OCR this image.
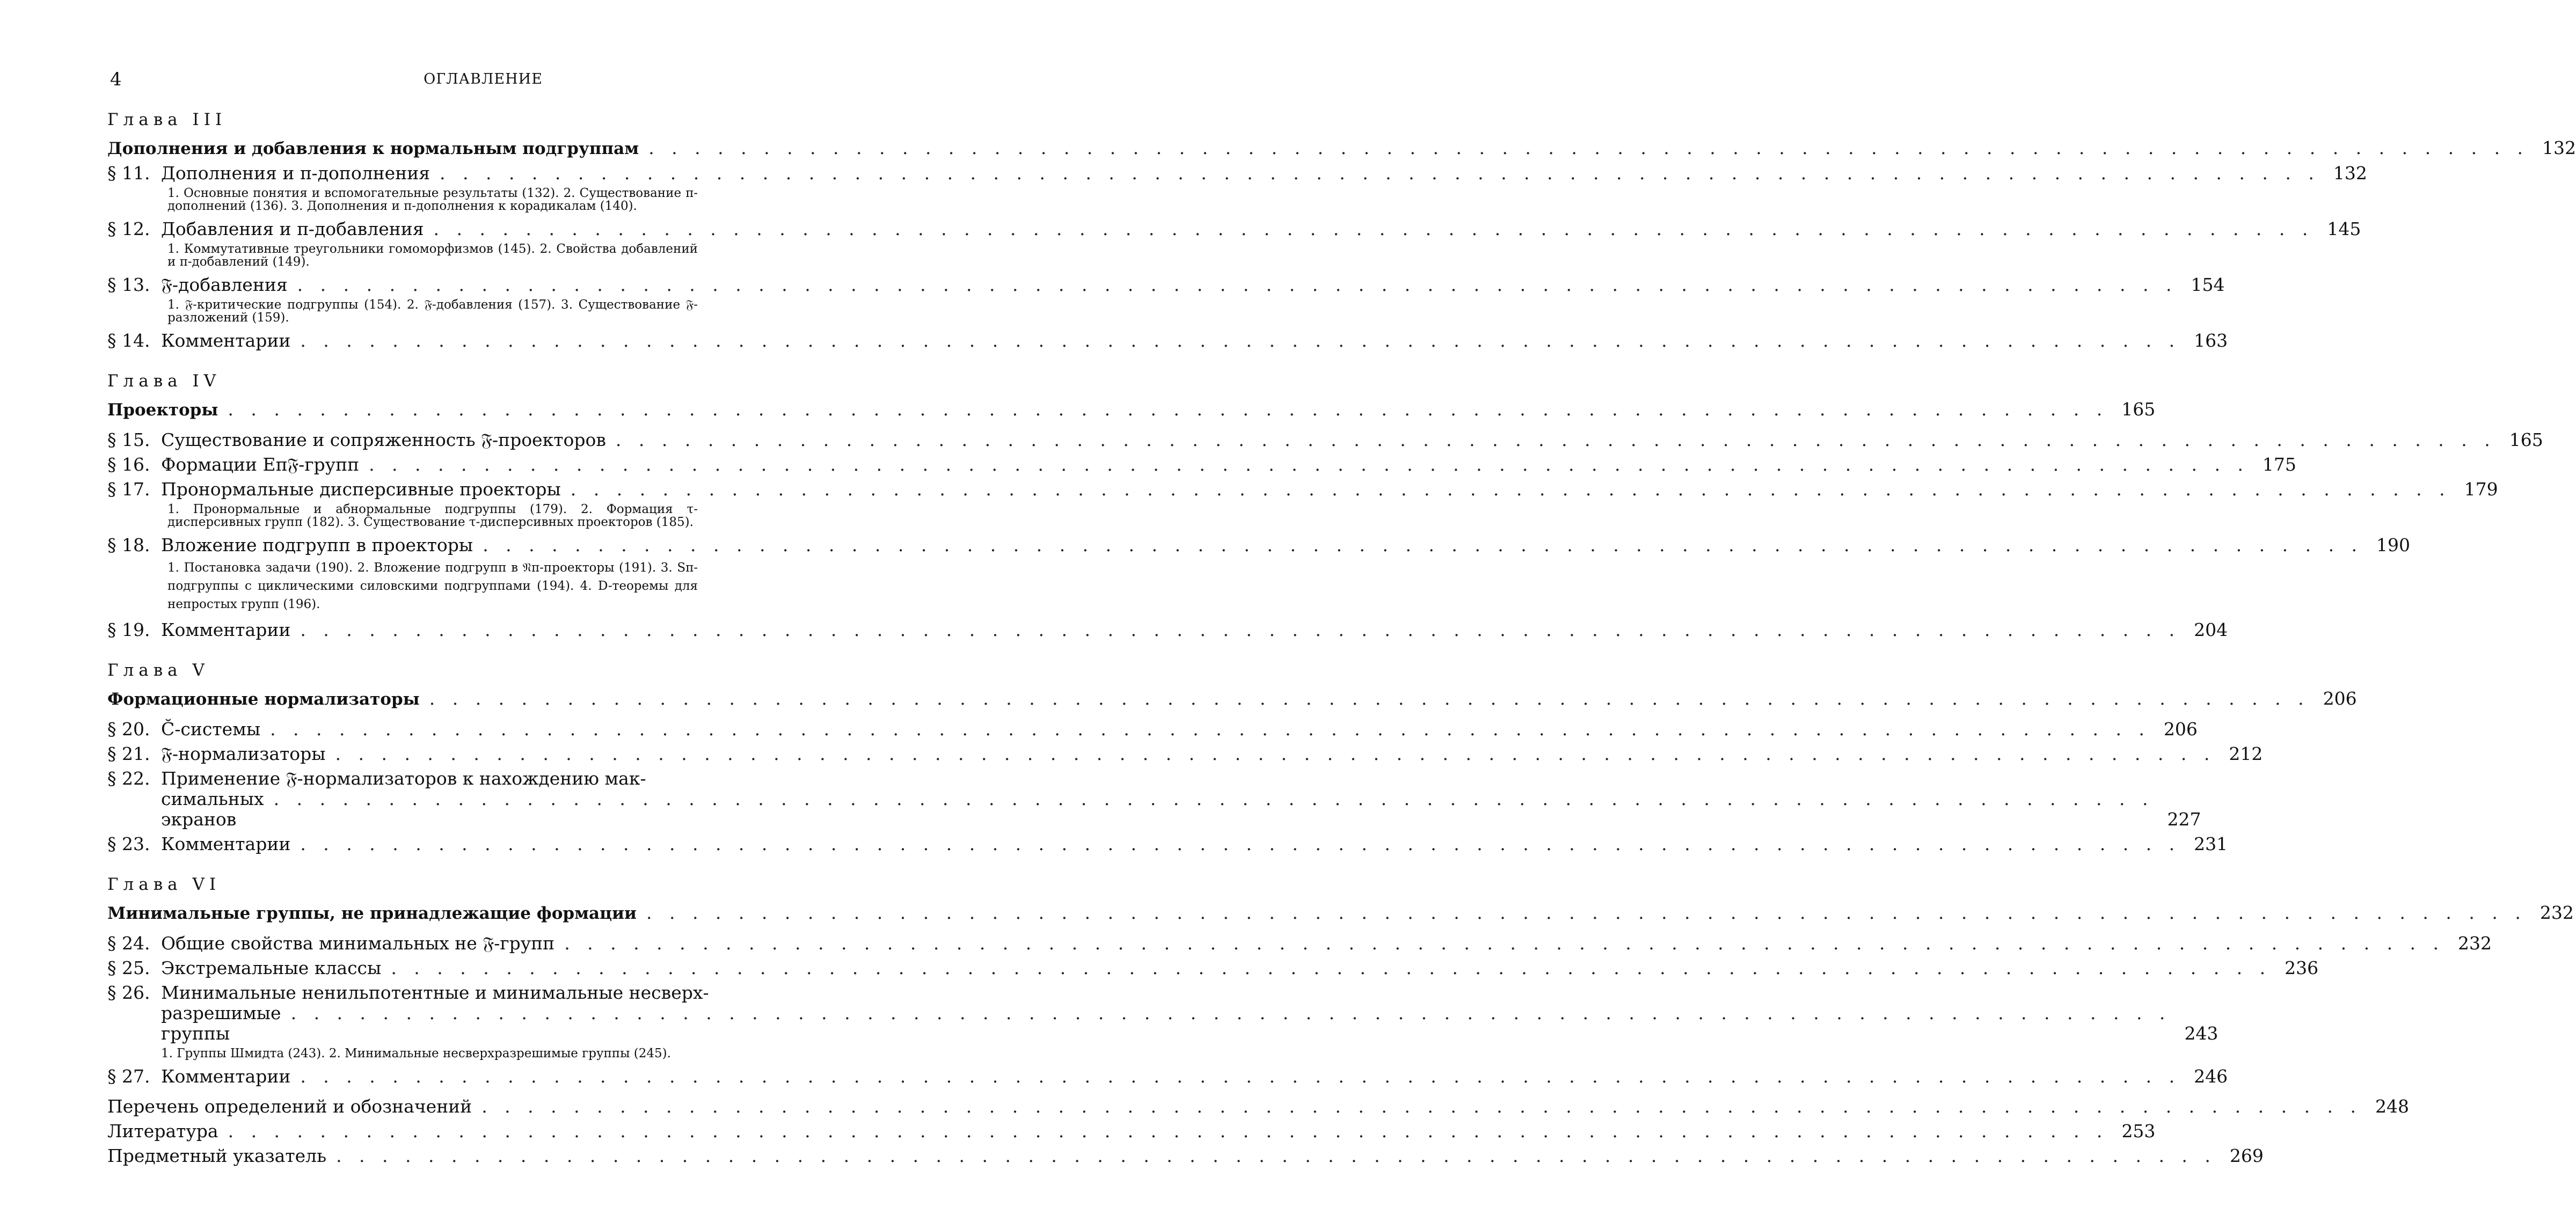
4	ОГЛАВЛЕНИЕ
Глава III
Дополнения и добавления к нормальным подгруппам . . .	132
§ 11. Дополнения и π-дополнения . . .	132
1. Основные понятия и вспомогательные результаты (132). 2. Существование π-дополнений (136). 3. Дополнения и π-дополнения к корадикалам (140).
§ 12. Добавления и π-добавления . . .	145
1. Коммутативные треугольники гомоморфизмов (145). 2. Свойства добавлений и π-добавлений (149).
§ 13. 𝔉-добавления . . .	154
1. 𝔉-критические подгруппы (154). 2. 𝔉-добавления (157). 3. Существование 𝔉-разложений (159).
§ 14. Комментарии . . .	163
Глава IV
Проекторы . . .	165
§ 15. Существование и сопряженность 𝔉-проекторов . . .	165
§ 16. Формации Eπ𝔉-групп . . .	175
§ 17. Пронормальные дисперсивные проекторы . . .	179
1. Пронормальные и абнормальные подгруппы (179). 2. Формация τ-дисперсивных групп (182). 3. Существование τ-дисперсивных проекторов (185).
§ 18. Вложение подгрупп в проекторы . . .	190
1. Постановка задачи (190). 2. Вложение подгрупп в 𝔑π-проекторы (191). 3. Sπ-подгруппы с циклическими силовскими подгруппами (194). 4. D-теоремы для непростых групп (196).
§ 19. Комментарии . . .	204
Глава V
Формационные нормализаторы . . .	206
§ 20. C̆-системы . . .	206
§ 21. 𝔉-нормализаторы . . .	212
§ 22. Применение 𝔉-нормализаторов к нахождению мак-
симальных экранов
. . .	227
§ 23. Комментарии . . .	231
Глава VI
Минимальные группы, не принадлежащие формации . . .	232
§ 24. Общие свойства минимальных не 𝔉-групп . . .	232
§ 25. Экстремальные классы . . .	236
§ 26. Минимальные ненильпотентные и минимальные несверх-
разрешимые группы
. . .	243
1. Группы Шмидта (243). 2. Минимальные несверхразрешимые группы (245).
§ 27. Комментарии . . .	246
Перечень определений и обозначений . . .	248
Литература . . .	253
Предметный указатель . . .	269
